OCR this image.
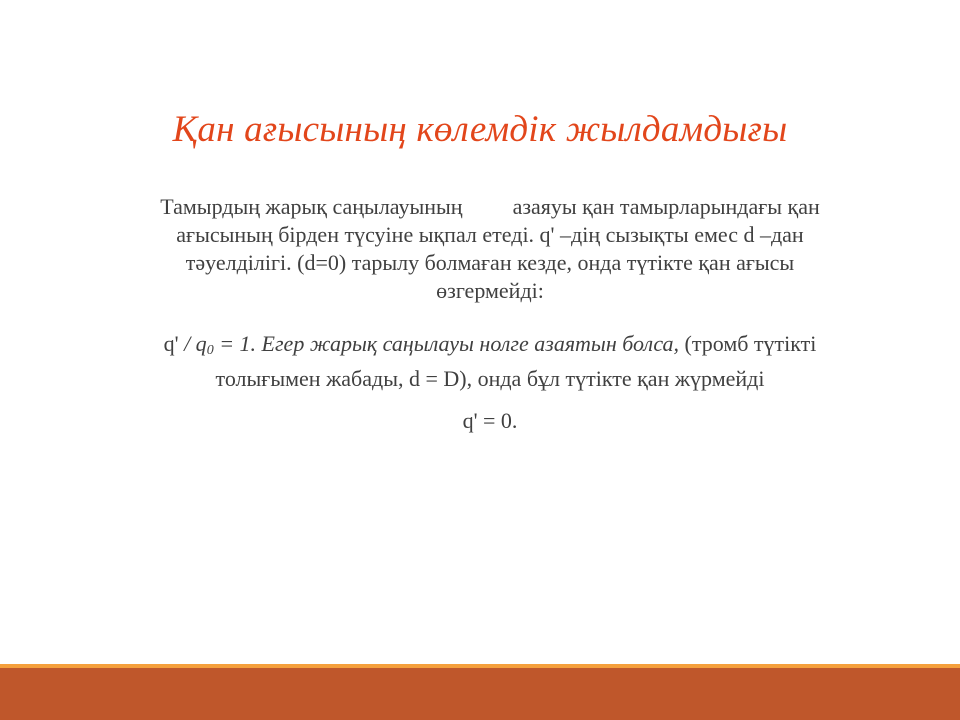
Қан ағысының көлемдік жылдамдығы
Тамырдың жарық саңылауының азаяуы қан тамырларындағы қан
ағысының бірден түсуіне ықпал етеді. q' –дің сызықты емес d –дан
тәуелділігі. (d=0) тарылу болмаған кезде, онда түтікте қан ағысы
өзгермейді:
$q' / q_0 = 1$. Егер жарық саңылауы нолге азаятын болса, (тромб түтікті
толығымен жабады, d = D), онда бұл түтікте қан жүрмейді
q' = 0.
